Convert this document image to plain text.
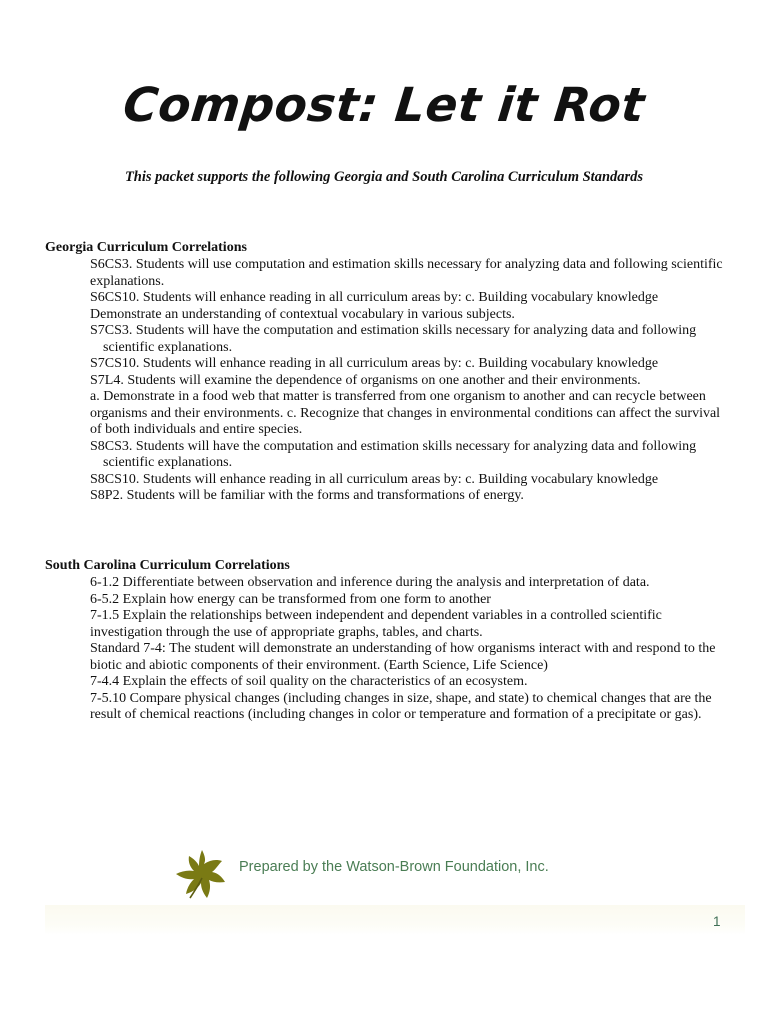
Compost: Let it Rot
This packet supports the following Georgia and South Carolina Curriculum Standards
Georgia Curriculum Correlations

S6CS3. Students will use computation and estimation skills necessary for analyzing data and following scientific explanations.

S6CS10. Students will enhance reading in all curriculum areas by: c. Building vocabulary knowledge

Demonstrate an understanding of contextual vocabulary in various subjects.

S7CS3. Students will have the computation and estimation skills necessary for analyzing data and following

scientific explanations.

S7CS10. Students will enhance reading in all curriculum areas by: c. Building vocabulary knowledge

S7L4. Students will examine the dependence of organisms on one another and their environments.

a. Demonstrate in a food web that matter is transferred from one organism to another and can recycle between organisms and their environments. c. Recognize that changes in environmental conditions can affect the survival of both individuals and entire species.

S8CS3. Students will have the computation and estimation skills necessary for analyzing data and following

scientific explanations.

S8CS10. Students will enhance reading in all curriculum areas by: c. Building vocabulary knowledge

S8P2. Students will be familiar with the forms and transformations of energy.

South Carolina Curriculum Correlations

6-1.2 Differentiate between observation and inference during the analysis and interpretation of data.

6-5.2 Explain how energy can be transformed from one form to another

7-1.5 Explain the relationships between independent and dependent variables in a controlled scientific investigation through the use of appropriate graphs, tables, and charts.

Standard 7-4: The student will demonstrate an understanding of how organisms interact with and respond to the biotic and abiotic components of their environment. (Earth Science, Life Science)

7-4.4 Explain the effects of soil quality on the characteristics of an ecosystem.

7-5.10 Compare physical changes (including changes in size, shape, and state) to chemical changes that are the result of chemical reactions (including changes in color or temperature and formation of a precipitate or gas).

Prepared by the Watson-Brown Foundation, Inc.
1
